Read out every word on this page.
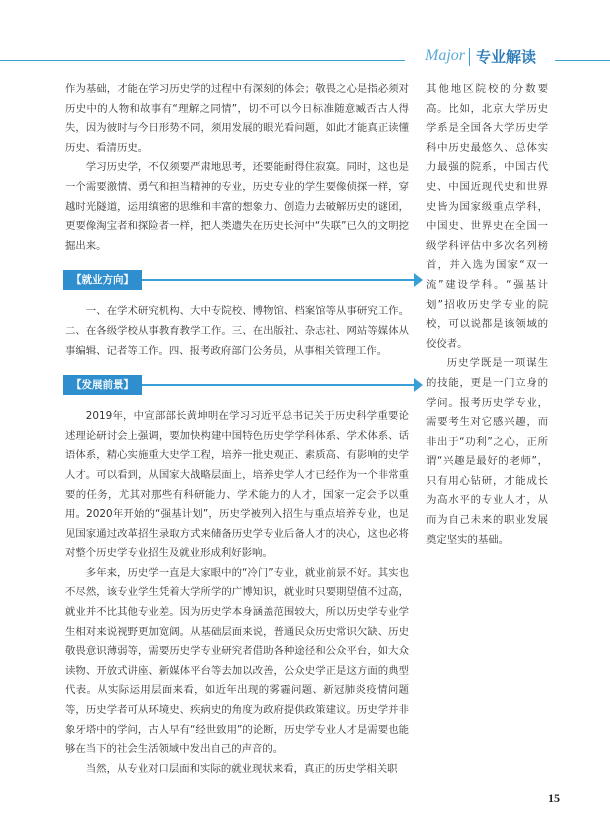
Major 专业解读

作为基础，才能在学习历史学的过程中有深刻的体会；敬畏之心是指必须对历史中的人物和故事有“理解之同情”，切不可以今日标准随意臧否古人得失，因为彼时与今日形势不同，须用发展的眼光看问题，如此才能真正读懂历史、看清历史。

学习历史学，不仅须要严肃地思考，还要能耐得住寂寞。同时，这也是一个需要激情、勇气和担当精神的专业，历史专业的学生要像侦探一样，穿越时光隧道，运用缜密的思维和丰富的想象力、创造力去破解历史的谜团，更要像淘宝者和探险者一样，把人类遗失在历史长河中“失联”已久的文明挖掘出来。

【就业方向】

一、在学术研究机构、大中专院校、博物馆、档案馆等从事研究工作。二、在各级学校从事教育教学工作。三、在出版社、杂志社、网站等媒体从事编辑、记者等工作。四、报考政府部门公务员，从事相关管理工作。

【发展前景】

2019年，中宣部部长黄坤明在学习习近平总书记关于历史科学重要论述理论研讨会上强调，要加快构建中国特色历史学学科体系、学术体系、话语体系，精心实施重大史学工程，培养一批史观正、素质高、有影响的史学人才。可以看到，从国家大战略层面上，培养史学人才已经作为一个非常重要的任务，尤其对那些有科研能力、学术能力的人才，国家一定会予以重用。2020年开始的“强基计划”，历史学被列入招生与重点培养专业，也足见国家通过改革招生录取方式来储备历史学专业后备人才的决心，这也必将对整个历史学专业招生及就业形成利好影响。

多年来，历史学一直是大家眼中的“冷门”专业，就业前景不好。其实也不尽然，该专业学生凭着大学所学的广博知识，就业时只要期望值不过高，就业并不比其他专业差。因为历史学本身涵盖范围较大，所以历史学专业学生相对来说视野更加宽阔。从基础层面来说，普通民众历史常识欠缺、历史敬畏意识薄弱等，需要历史学专业研究者借助各种途径和公众平台，如大众读物、开放式讲座、新媒体平台等去加以改善，公众史学正是这方面的典型代表。从实际运用层面来看，如近年出现的雾霾问题、新冠肺炎疫情问题等，历史学者可从环境史、疾病史的角度为政府提供政策建议。历史学并非象牙塔中的学问，古人早有“经世致用”的论断，历史学专业人才是需要也能够在当下的社会生活领域中发出自己的声音的。

当然，从专业对口层面和实际的就业现状来看，真正的历史学相关职

其他地区院校的分数要高。比如，北京大学历史学系是全国各大学历史学科中历史最悠久、总体实力最强的院系，中国古代史、中国近现代史和世界史皆为国家级重点学科，中国史、世界史在全国一级学科评估中多次名列榜首，并入选为国家“双一流”建设学科。“强基计划”招收历史学专业的院校，可以说都是该领域的佼佼者。

历史学既是一项谋生的技能，更是一门立身的学问。报考历史学专业，需要考生对它感兴趣，而非出于“功利”之心，正所谓“兴趣是最好的老师”，只有用心钻研，才能成长为高水平的专业人才，从而为自己未来的职业发展奠定坚实的基础。

15
